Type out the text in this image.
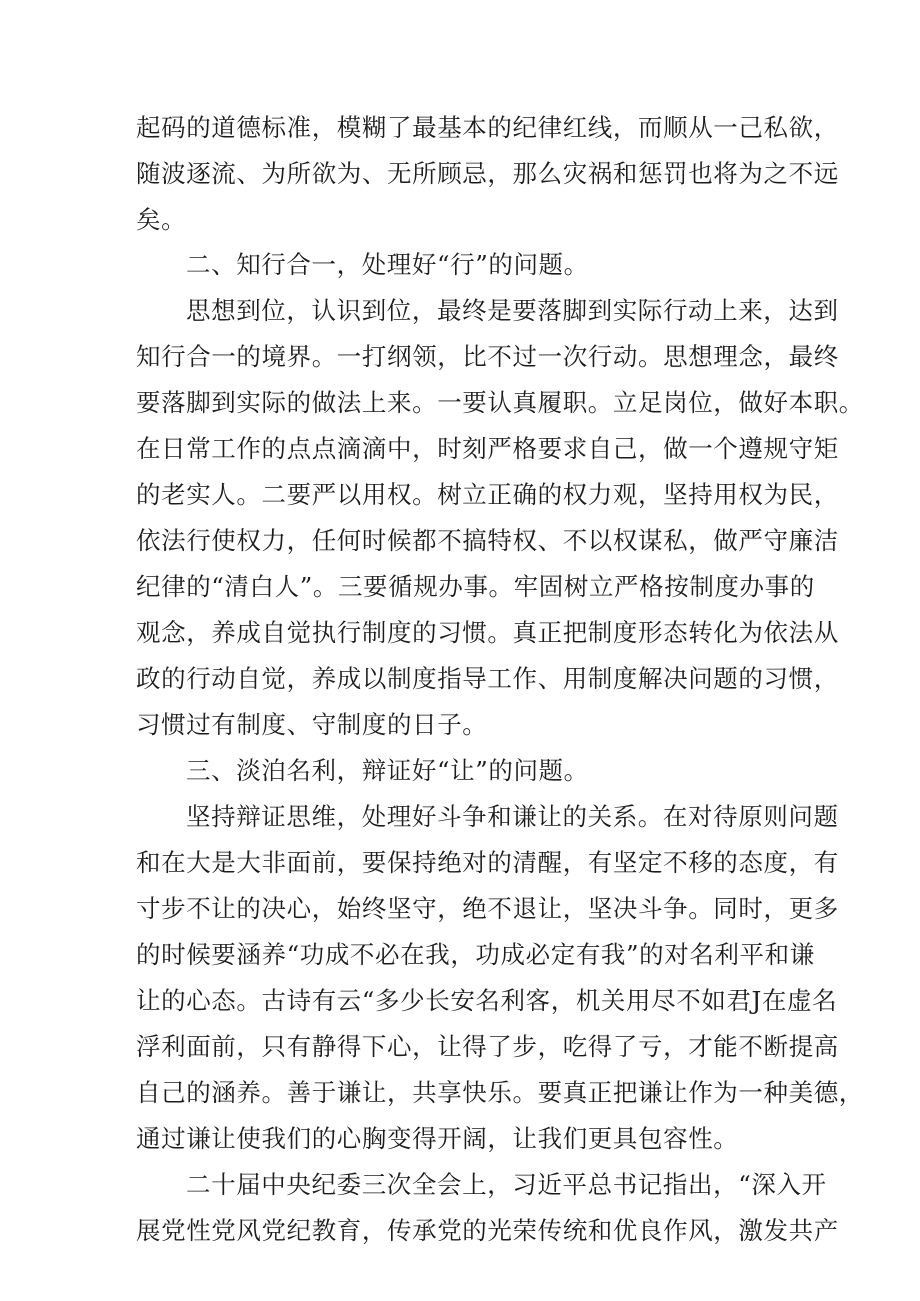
起码的道德标准，模糊了最基本的纪律红线，而顺从一己私欲，
随波逐流、为所欲为、无所顾忌，那么灾祸和惩罚也将为之不远
矣。
二、知行合一，处理好“行”的问题。
思想到位，认识到位，最终是要落脚到实际行动上来，达到
知行合一的境界。一打纲领，比不过一次行动。思想理念，最终
要落脚到实际的做法上来。一要认真履职。立足岗位，做好本职。
在日常工作的点点滴滴中，时刻严格要求自己，做一个遵规守矩
的老实人。二要严以用权。树立正确的权力观，坚持用权为民，
依法行使权力，任何时候都不搞特权、不以权谋私，做严守廉洁
纪律的“清白人”。三要循规办事。牢固树立严格按制度办事的
观念，养成自觉执行制度的习惯。真正把制度形态转化为依法从
政的行动自觉，养成以制度指导工作、用制度解决问题的习惯，
习惯过有制度、守制度的日子。
三、淡泊名利，辩证好“让”的问题。
坚持辩证思维，处理好斗争和谦让的关系。在对待原则问题
和在大是大非面前，要保持绝对的清醒，有坚定不移的态度，有
寸步不让的决心，始终坚守，绝不退让，坚决斗争。同时，更多
的时候要涵养“功成不必在我，功成必定有我”的对名利平和谦
让的心态。古诗有云“多少长安名利客，机关用尽不如君J在虚名
浮利面前，只有静得下心，让得了步，吃得了亏，才能不断提高
自己的涵养。善于谦让，共享快乐。要真正把谦让作为一种美德，
通过谦让使我们的心胸变得开阔，让我们更具包容性。
二十届中央纪委三次全会上，习近平总书记指出，“深入开
展党性党风党纪教育，传承党的光荣传统和优良作风，激发共产
